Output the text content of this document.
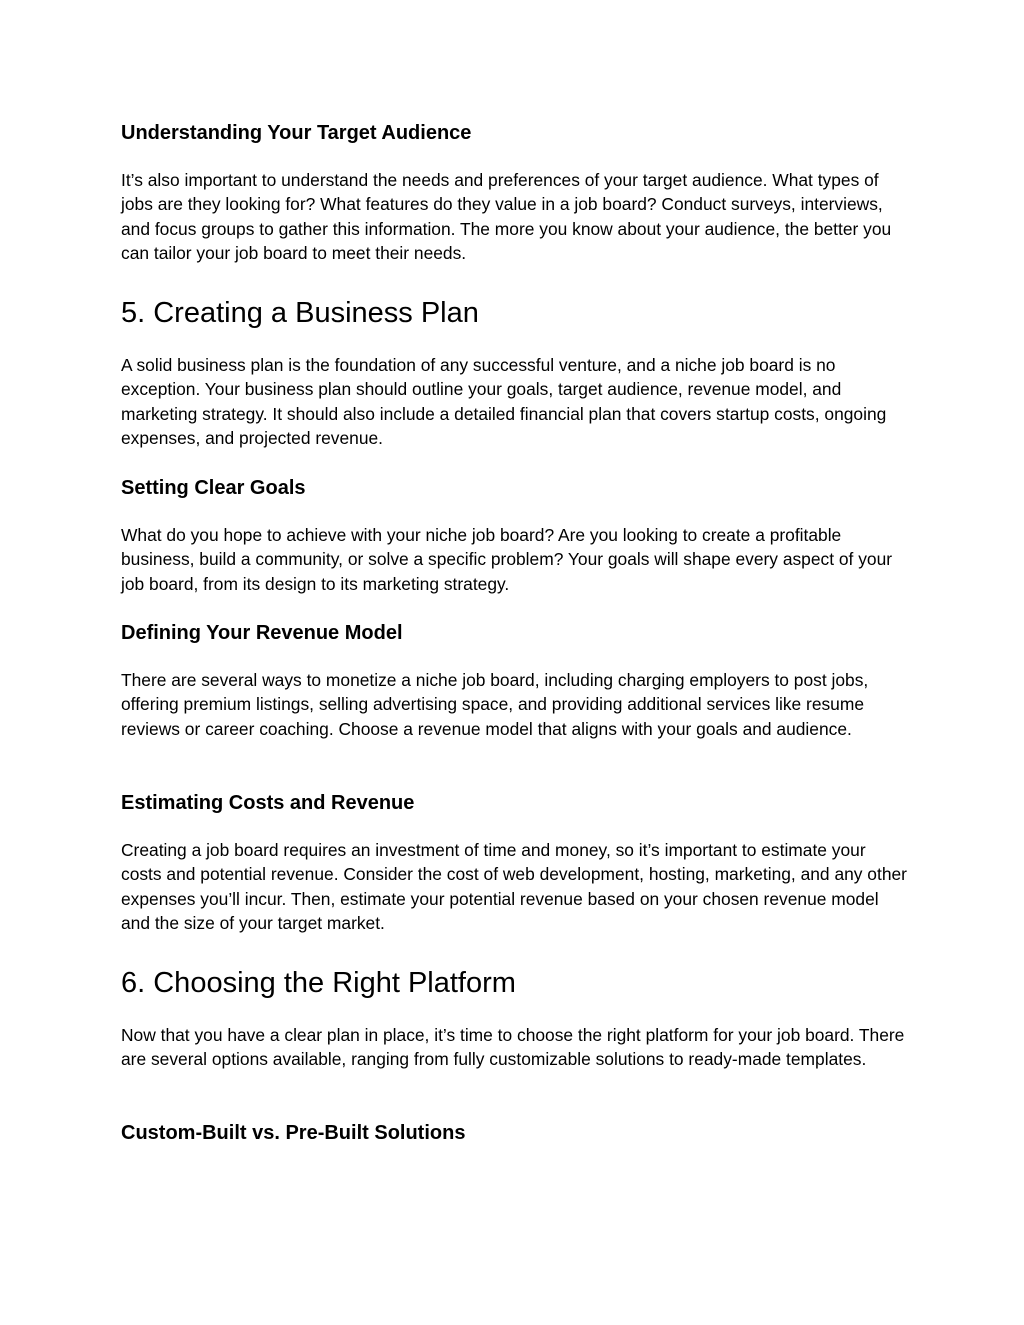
Understanding Your Target Audience

It’s also important to understand the needs and preferences of your target audience. What types of jobs are they looking for? What features do they value in a job board? Conduct surveys, interviews, and focus groups to gather this information. The more you know about your audience, the better you can tailor your job board to meet their needs.

5. Creating a Business Plan

A solid business plan is the foundation of any successful venture, and a niche job board is no exception. Your business plan should outline your goals, target audience, revenue model, and marketing strategy. It should also include a detailed financial plan that covers startup costs, ongoing expenses, and projected revenue.

Setting Clear Goals

What do you hope to achieve with your niche job board? Are you looking to create a profitable business, build a community, or solve a specific problem? Your goals will shape every aspect of your job board, from its design to its marketing strategy.

Defining Your Revenue Model

There are several ways to monetize a niche job board, including charging employers to post jobs, offering premium listings, selling advertising space, and providing additional services like resume reviews or career coaching. Choose a revenue model that aligns with your goals and audience.

Estimating Costs and Revenue

Creating a job board requires an investment of time and money, so it’s important to estimate your costs and potential revenue. Consider the cost of web development, hosting, marketing, and any other expenses you’ll incur. Then, estimate your potential revenue based on your chosen revenue model and the size of your target market.

6. Choosing the Right Platform

Now that you have a clear plan in place, it’s time to choose the right platform for your job board. There are several options available, ranging from fully customizable solutions to ready-made templates.

Custom-Built vs. Pre-Built Solutions
